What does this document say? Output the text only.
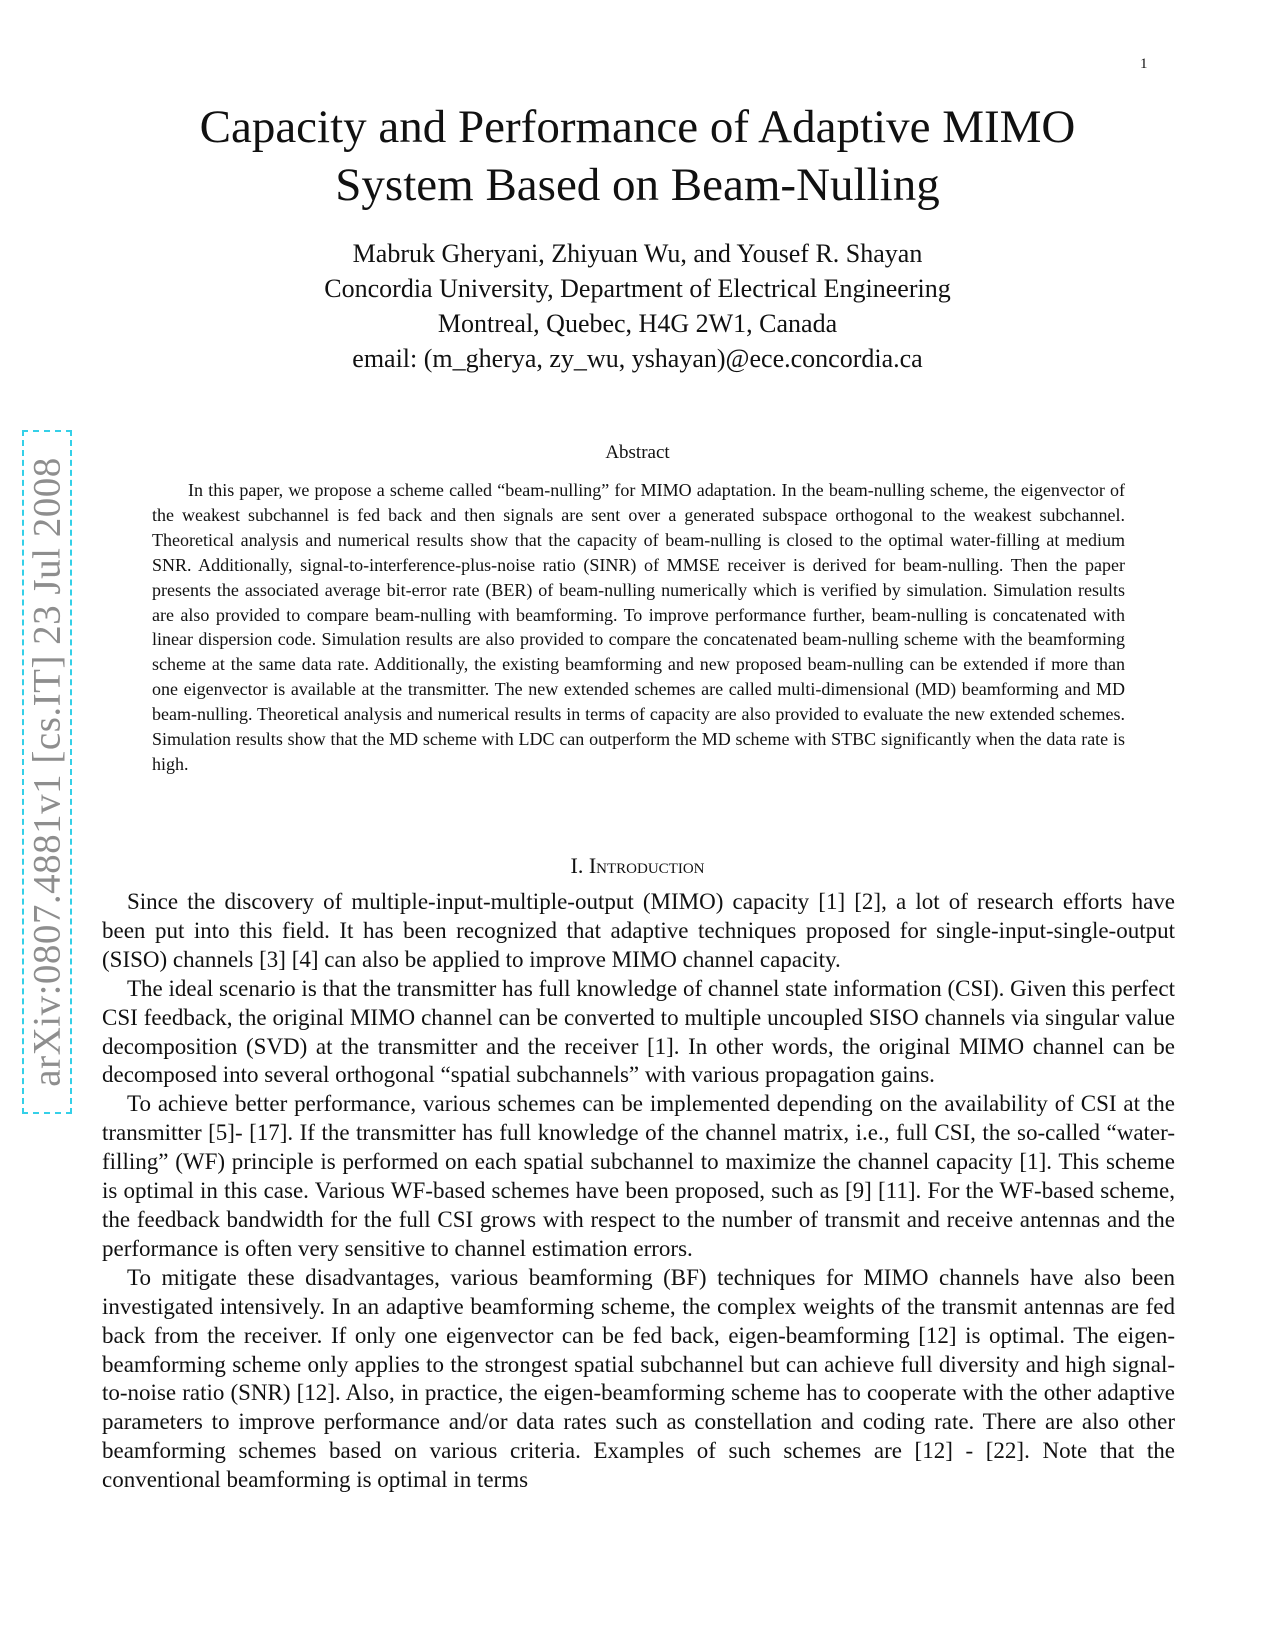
1
arXiv:0807.4881v1 [cs.IT] 23 Jul 2008
Capacity and Performance of Adaptive MIMO
System Based on Beam-Nulling
Mabruk Gheryani, Zhiyuan Wu, and Yousef R. Shayan
Concordia University, Department of Electrical Engineering
Montreal, Quebec, H4G 2W1, Canada
email: (m_gherya, zy_wu, yshayan)@ece.concordia.ca
Abstract

In this paper, we propose a scheme called “beam-nulling” for MIMO adaptation. In the beam-nulling scheme, the eigenvector of the weakest subchannel is fed back and then signals are sent over a generated subspace orthogonal to the weakest subchannel. Theoretical analysis and numerical results show that the capacity of beam-nulling is closed to the optimal water-filling at medium SNR. Additionally, signal-to-interference-plus-noise ratio (SINR) of MMSE receiver is derived for beam-nulling. Then the paper presents the associated average bit-error rate (BER) of beam-nulling numerically which is verified by simulation. Simulation results are also provided to compare beam-nulling with beamforming. To improve performance further, beam-nulling is concatenated with linear dispersion code. Simulation results are also provided to compare the concatenated beam-nulling scheme with the beamforming scheme at the same data rate. Additionally, the existing beamforming and new proposed beam-nulling can be extended if more than one eigenvector is available at the transmitter. The new extended schemes are called multi-dimensional (MD) beamforming and MD beam-nulling. Theoretical analysis and numerical results in terms of capacity are also provided to evaluate the new extended schemes. Simulation results show that the MD scheme with LDC can outperform the MD scheme with STBC significantly when the data rate is high.

I. Introduction

Since the discovery of multiple-input-multiple-output (MIMO) capacity [1] [2], a lot of research efforts have been put into this field. It has been recognized that adaptive techniques proposed for single-input-single-output (SISO) channels [3] [4] can also be applied to improve MIMO channel capacity.

The ideal scenario is that the transmitter has full knowledge of channel state information (CSI). Given this perfect CSI feedback, the original MIMO channel can be converted to multiple uncoupled SISO channels via singular value decomposition (SVD) at the transmitter and the receiver [1]. In other words, the original MIMO channel can be decomposed into several orthogonal “spatial subchannels” with various propagation gains.

To achieve better performance, various schemes can be implemented depending on the availability of CSI at the transmitter [5]- [17]. If the transmitter has full knowledge of the channel matrix, i.e., full CSI, the so-called “water-filling” (WF) principle is performed on each spatial subchannel to maximize the channel capacity [1]. This scheme is optimal in this case. Various WF-based schemes have been proposed, such as [9] [11]. For the WF-based scheme, the feedback bandwidth for the full CSI grows with respect to the number of transmit and receive antennas and the performance is often very sensitive to channel estimation errors.

To mitigate these disadvantages, various beamforming (BF) techniques for MIMO channels have also been investigated intensively. In an adaptive beamforming scheme, the complex weights of the transmit antennas are fed back from the receiver. If only one eigenvector can be fed back, eigen-beamforming [12] is optimal. The eigen-beamforming scheme only applies to the strongest spatial subchannel but can achieve full diversity and high signal-to-noise ratio (SNR) [12]. Also, in practice, the eigen-beamforming scheme has to cooperate with the other adaptive parameters to improve performance and/or data rates such as constellation and coding rate. There are also other beamforming schemes based on various criteria. Examples of such schemes are [12] - [22]. Note that the conventional beamforming is optimal in terms
